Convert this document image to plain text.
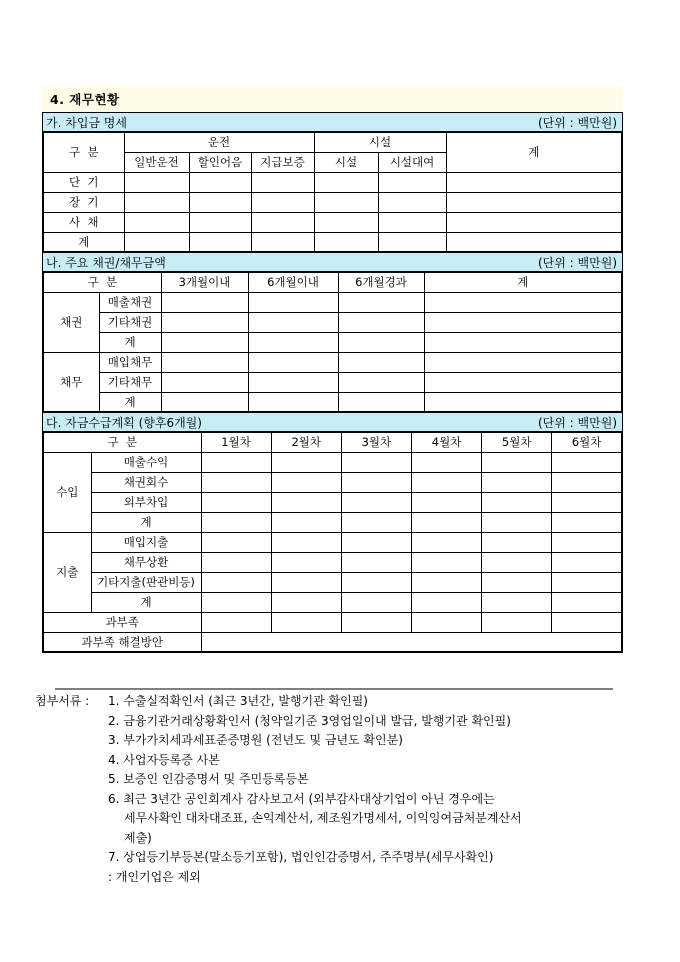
4. 재무현황
가. 차입금 명세	(단위 : 백만원)
구  분	운전			시설		계
	일반운전	할인어음	지급보증	시설	시설대여	
단  기						
장  기						
사  채						
계						
나. 주요 채권/채무금액	(단위 : 백만원)
구  분		3개월이내	6개월이내	6개월경과	계
채권	매출채권				
	기타채권				
	계				
채무	매입채무				
	기타채무				
	계				
다. 자금수급계획 (향후6개월)	(단위 : 백만원)
구  분		1월차	2월차	3월차	4월차	5월차	6월차
수입	매출수익						
	채권회수						
	외부차입						
	계						
지출	매입지출						
	채무상환						
	기타지출(판관비등)						
	계						
과부족							
과부족 해결방안							
첨부서류 :	1. 수출실적확인서 (최근 3년간, 발행기관 확인필)
2. 금융기관거래상황확인서 (청약일기준 3영업일이내 발급, 발행기관 확인필)
3. 부가가치세과세표준증명원 (전년도 및 금년도 확인분)
4. 사업자등록증 사본
5. 보증인 인감증명서 및 주민등록등본
6. 최근 3년간 공인회계사 감사보고서 (외부감사대상기업이 아닌 경우에는
세무사확인 대차대조표, 손익계산서, 제조원가명세서, 이익잉여금처분계산서
제출)
7. 상업등기부등본(말소등기포함), 법인인감증명서, 주주명부(세무사확인)
: 개인기업은 제외
